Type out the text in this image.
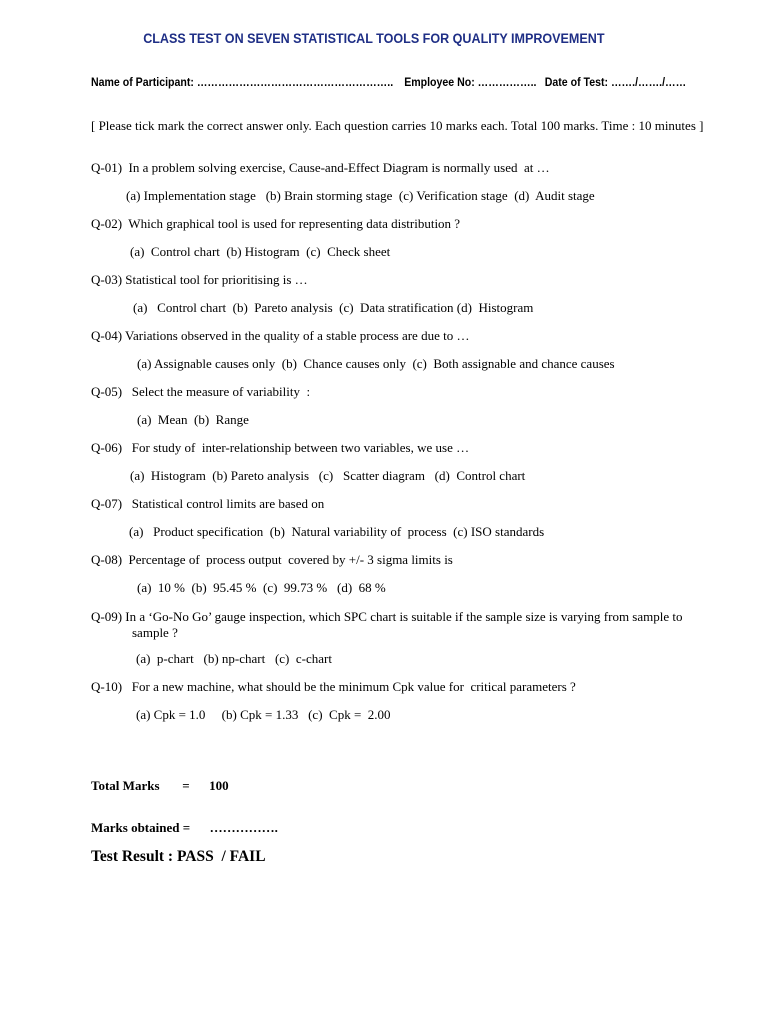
CLASS TEST ON SEVEN STATISTICAL TOOLS FOR QUALITY IMPROVEMENT
Name of Participant: ……………………………………………….. Employee No: …………….. Date of Test: ……./……./……
[ Please tick mark the correct answer only. Each question carries 10 marks each. Total 100 marks. Time : 10 minutes ]
Q-01)  In a problem solving exercise, Cause-and-Effect Diagram is normally used  at …
(a) Implementation stage   (b) Brain storming stage  (c) Verification stage  (d)  Audit stage
Q-02)  Which graphical tool is used for representing data distribution ?
(a)  Control chart  (b) Histogram  (c)  Check sheet
Q-03) Statistical tool for prioritising is …
(a)   Control chart  (b)  Pareto analysis  (c)  Data stratification (d)  Histogram
Q-04) Variations observed in the quality of a stable process are due to …
(a) Assignable causes only  (b)  Chance causes only  (c)  Both assignable and chance causes
Q-05)   Select the measure of variability  :
(a)  Mean  (b)  Range
Q-06)   For study of  inter-relationship between two variables, we use …
(a)  Histogram  (b) Pareto analysis   (c)   Scatter diagram   (d)  Control chart
Q-07)   Statistical control limits are based on
(a)   Product specification  (b)  Natural variability of  process  (c) ISO standards
Q-08)  Percentage of  process output  covered by +/- 3 sigma limits is
(a)  10 %  (b)  95.45 %  (c)  99.73 %   (d)  68 %
Q-09) In a ‘Go-No Go’ gauge inspection, which SPC chart is suitable if the sample size is varying from sample to
sample ?
(a)  p-chart   (b) np-chart   (c)  c-chart
Q-10)   For a new machine, what should be the minimum Cpk value for  critical parameters ?
(a) Cpk = 1.0     (b) Cpk = 1.33   (c)  Cpk =  2.00
Total Marks       =      100
Marks obtained =      …………….
Test Result : PASS  / FAIL
